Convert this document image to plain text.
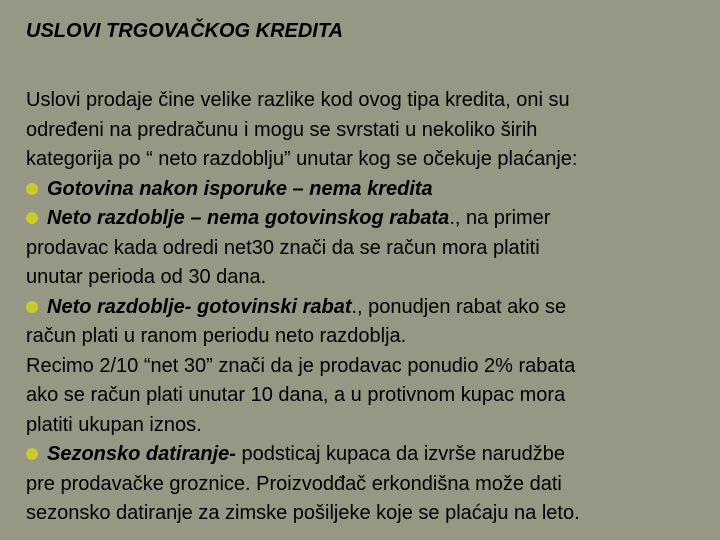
USLOVI TRGOVAČKOG KREDITA
Uslovi prodaje čine velike razlike kod ovog tipa kredita, oni su
određeni na predračunu i mogu se svrstati u nekoliko širih
kategorija po “ neto razdoblju” unutar kog se očekuje plaćanje:
Gotovina nakon isporuke – nema kredita
Neto razdoblje – nema gotovinskog rabata., na primer
prodavac kada odredi net30 znači da se račun mora platiti
unutar perioda od 30 dana.
Neto razdoblje- gotovinski rabat., ponudjen rabat ako se
račun plati u ranom periodu neto razdoblja.
Recimo 2/10 “net 30” znači da je prodavac ponudio 2% rabata
ako se račun plati unutar 10 dana, a u protivnom kupac mora
platiti ukupan iznos.
Sezonsko datiranje- podsticaj kupaca da izvrše narudžbe
pre prodavačke groznice. Proizvodđač erkondišna može dati
sezonsko datiranje za zimske pošiljeke koje se plaćaju na leto.
